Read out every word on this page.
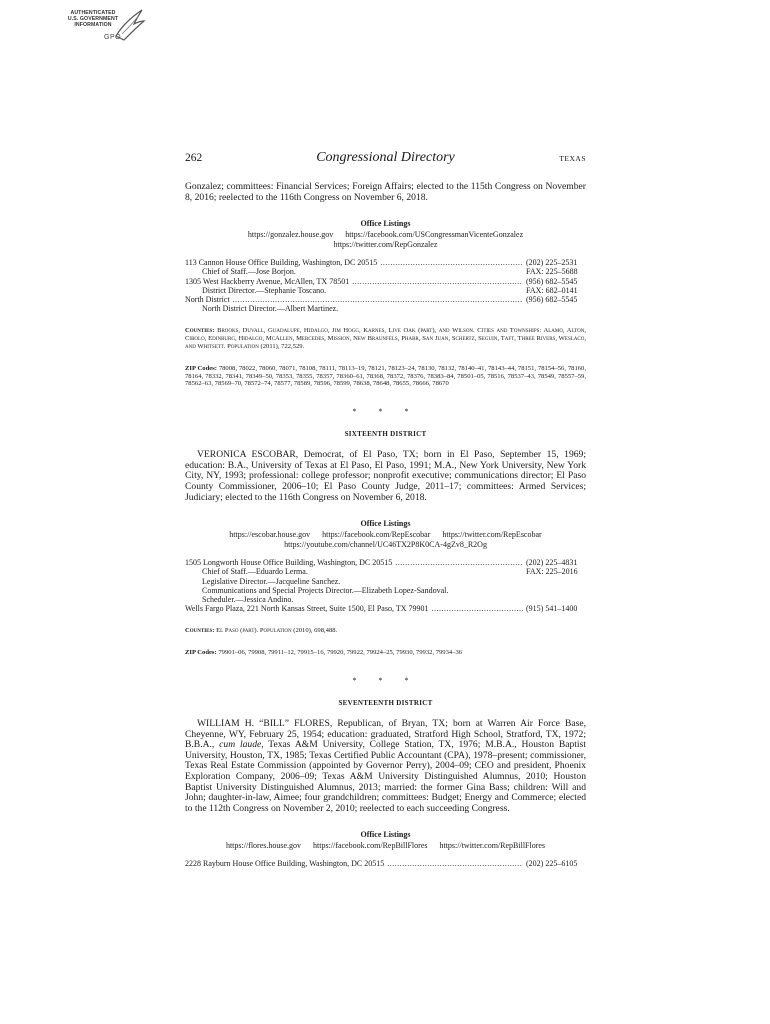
AUTHENTICATED
U.S. GOVERNMENT
INFORMATION
GPO
262	Congressional Directory	TEXAS

Gonzalez; committees: Financial Services; Foreign Affairs; elected to the 115th Congress on November 8, 2016; reelected to the 116th Congress on November 6, 2018.

Office Listings
https://gonzalez.house.gov https://facebook.com/USCongressmanVicenteGonzalez
https://twitter.com/RepGonzalez
113 Cannon House Office Building, Washington, DC 20515 .....	(202) 225–2531
Chief of Staff.—Jose Borjon.	FAX: 225–5688
1305 West Hackberry Avenue, McAllen, TX 78501 .....	(956) 682–5545
District Director.—Stephanie Toscano.	FAX: 682–0141
North District .....	(956) 682–5545
North District Director.—Albert Martinez.
Counties: Brooks, Duvall, Guadalupe, Hidalgo, Jim Hogg, Karnes, Live Oak (part), and Wilson. Cities and Townships: Alamo, Alton, Cibolo, Edinburg, Hidalgo, McAllen, Mercedes, Mission, New Braunfels, Pharr, San Juan, Schertz, Seguin, Taft, Three Rivers, Weslaco, and Whitsett. Population (2011), 722,529.
ZIP Codes: 78008, 78022, 78060, 78071, 78108, 78111, 78113–19, 78121, 78123–24, 78130, 78132, 78140–41, 78143–44, 78151, 78154–56, 78160, 78164, 78332, 78341, 78349–50, 78353, 78355, 78357, 78360–61, 78368, 78372, 78376, 78383–84, 78501–05, 78516, 78537–43, 78549, 78557–59, 78562–63, 78569–70, 78572–74, 78577, 78589, 78596, 78599, 78638, 78648, 78655, 78666, 78670
* * *
SIXTEENTH DISTRICT

VERONICA ESCOBAR, Democrat, of El Paso, TX; born in El Paso, September 15, 1969; education: B.A., University of Texas at El Paso, El Paso, 1991; M.A., New York University, New York City, NY, 1993; professional: college professor; nonprofit executive; communications director; El Paso County Commissioner, 2006–10; El Paso County Judge, 2011–17; committees: Armed Services; Judiciary; elected to the 116th Congress on November 6, 2018.

Office Listings
https://escobar.house.gov https://facebook.com/RepEscobar https://twitter.com/RepEscobar
https://youtube.com/channel/UC46TX2P8K0CA-4gZv8_R2Og
1505 Longworth House Office Building, Washington, DC 20515 .....	(202) 225–4831
Chief of Staff.—Eduardo Lerma.	FAX: 225–2016
Legislative Director.—Jacqueline Sanchez.
Communications and Special Projects Director.—Elizabeth Lopez-Sandoval.
Scheduler.—Jessica Andino.
Wells Fargo Plaza, 221 North Kansas Street, Suite 1500, El Paso, TX 79901 .....	(915) 541–1400
Counties: El Paso (part). Population (2010), 698,488.
ZIP Codes: 79901–06, 79908, 79911–12, 79915–16, 79920, 79922, 79924–25, 79930, 79932, 79934–36
* * *
SEVENTEENTH DISTRICT

WILLIAM H. “BILL” FLORES, Republican, of Bryan, TX; born at Warren Air Force Base, Cheyenne, WY, February 25, 1954; education: graduated, Stratford High School, Stratford, TX, 1972; B.B.A., cum laude, Texas A&M University, College Station, TX, 1976; M.B.A., Houston Baptist University, Houston, TX, 1985; Texas Certified Public Accountant (CPA), 1978–present; commissioner, Texas Real Estate Commission (appointed by Governor Perry), 2004–09; CEO and president, Phoenix Exploration Company, 2006–09; Texas A&M University Distinguished Alumnus, 2010; Houston Baptist University Distinguished Alumnus, 2013; married: the former Gina Bass; children: Will and John; daughter-in-law, Aimee; four grandchildren; committees: Budget; Energy and Commerce; elected to the 112th Congress on November 2, 2010; reelected to each succeeding Congress.

Office Listings
https://flores.house.gov https://facebook.com/RepBillFlores https://twitter.com/RepBillFlores
2228 Rayburn House Office Building, Washington, DC 20515 .....	(202) 225–6105
